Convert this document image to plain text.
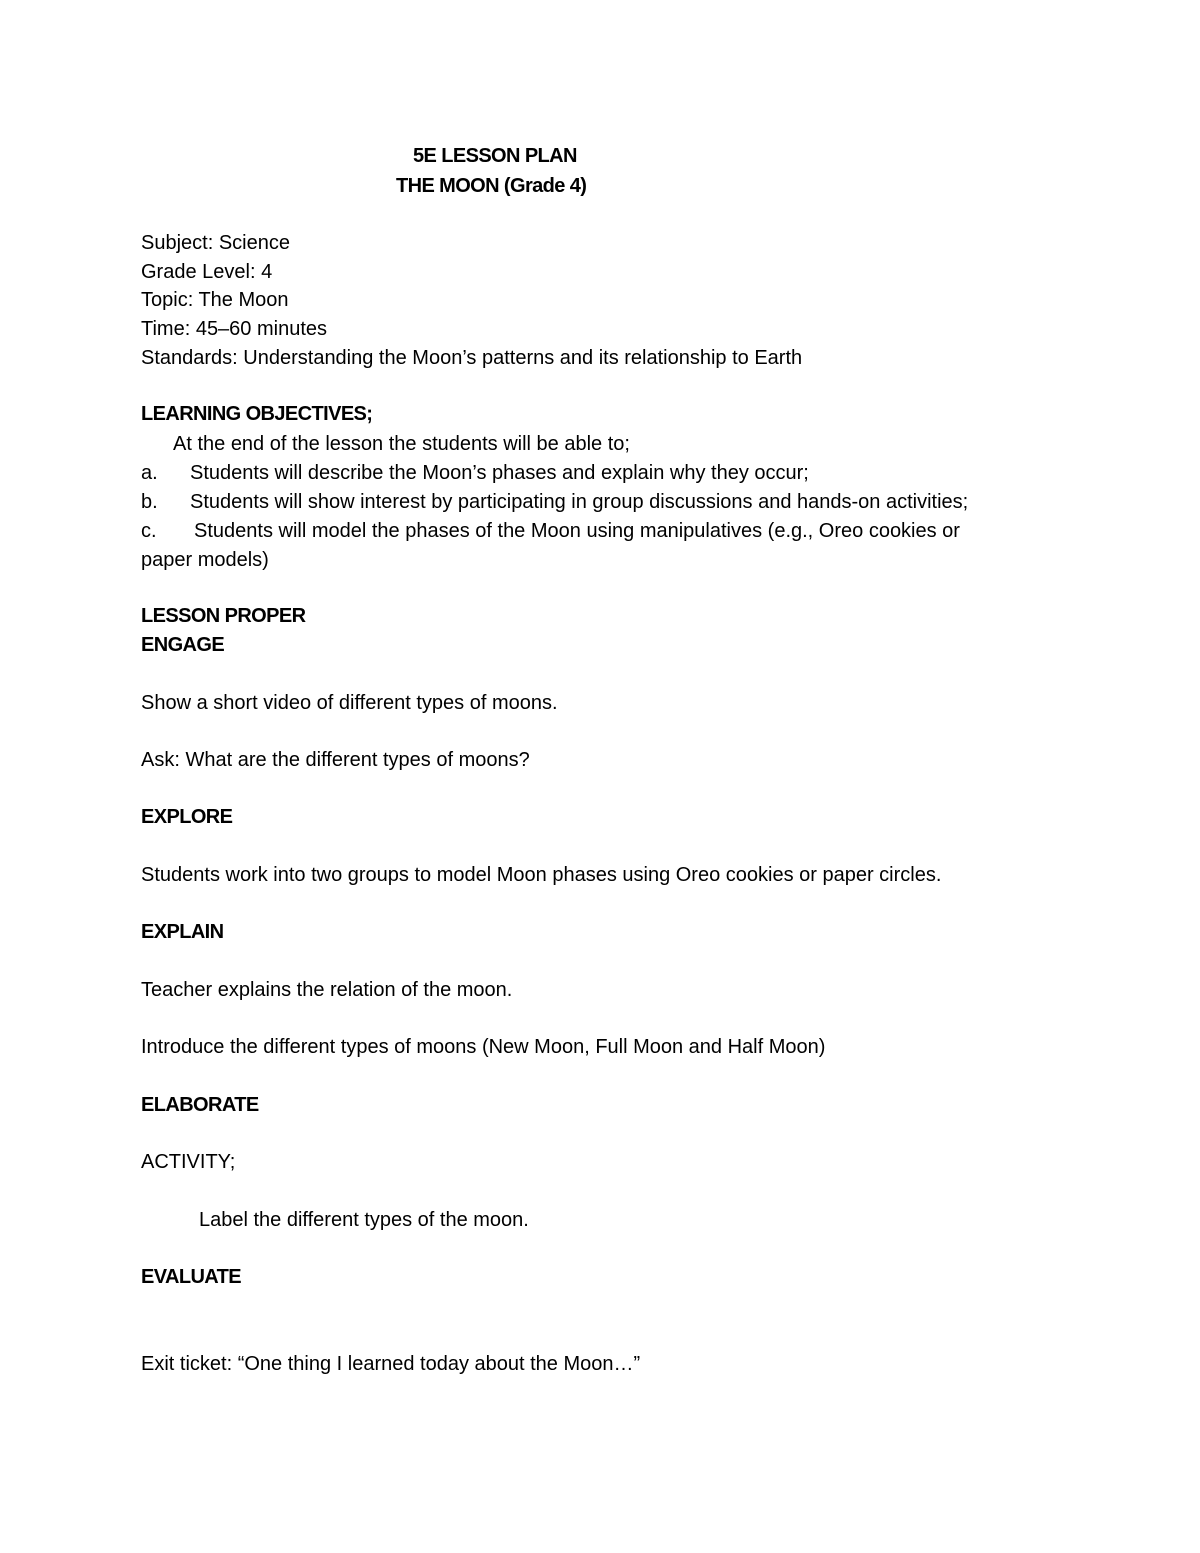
5E LESSON PLAN
THE MOON (Grade 4)
Subject: Science
Grade Level: 4
Topic: The Moon
Time: 45–60 minutes
Standards: Understanding the Moon’s patterns and its relationship to Earth
LEARNING OBJECTIVES;
At the end of the lesson the students will be able to;
a. Students will describe the Moon’s phases and explain why they occur;
b. Students will show interest by participating in group discussions and hands-on activities;
c. Students will model the phases of the Moon using manipulatives (e.g., Oreo cookies or
paper models)
LESSON PROPER
ENGAGE
Show a short video of different types of moons.
Ask: What are the different types of moons?
EXPLORE
Students work into two groups to model Moon phases using Oreo cookies or paper circles.
EXPLAIN
Teacher explains the relation of the moon.
Introduce the different types of moons (New Moon, Full Moon and Half Moon)
ELABORATE
ACTIVITY;
Label the different types of the moon.
EVALUATE
Exit ticket: “One thing I learned today about the Moon…”
